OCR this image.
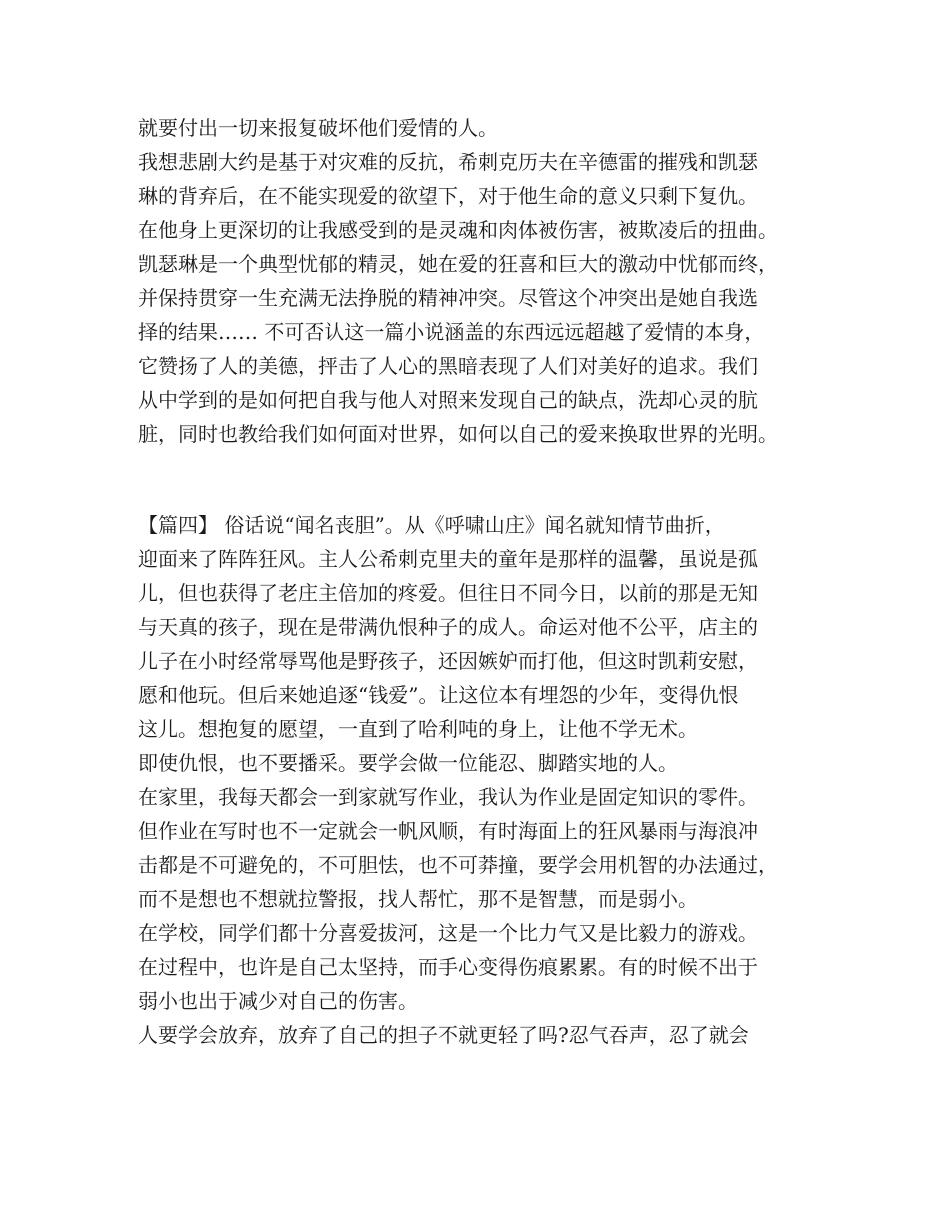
就要付出一切来报复破坏他们爱情的人。
我想悲剧大约是基于对灾难的反抗，希刺克历夫在辛德雷的摧残和凯瑟
琳的背弃后，在不能实现爱的欲望下，对于他生命的意义只剩下复仇。
在他身上更深切的让我感受到的是灵魂和肉体被伤害，被欺凌后的扭曲。
凯瑟琳是一个典型忧郁的精灵，她在爱的狂喜和巨大的激动中忧郁而终，
并保持贯穿一生充满无法挣脱的精神冲突。尽管这个冲突出是她自我选
择的结果…… 不可否认这一篇小说涵盖的东西远远超越了爱情的本身，
它赞扬了人的美德，抨击了人心的黑暗表现了人们对美好的追求。我们
从中学到的是如何把自我与他人对照来发现自己的缺点，洗却心灵的肮
脏，同时也教给我们如何面对世界，如何以自己的爱来换取世界的光明。
【篇四】 俗话说“闻名丧胆”。从《呼啸山庄》闻名就知情节曲折，
迎面来了阵阵狂风。主人公希刺克里夫的童年是那样的温馨，虽说是孤
儿，但也获得了老庄主倍加的疼爱。但往日不同今日，以前的那是无知
与天真的孩子，现在是带满仇恨种子的成人。命运对他不公平，店主的
儿子在小时经常辱骂他是野孩子，还因嫉妒而打他，但这时凯莉安慰，
愿和他玩。但后来她追逐“钱爱”。让这位本有埋怨的少年，变得仇恨
这儿。想抱复的愿望，一直到了哈利吨的身上，让他不学无术。
即使仇恨，也不要播采。要学会做一位能忍、脚踏实地的人。
在家里，我每天都会一到家就写作业，我认为作业是固定知识的零件。
但作业在写时也不一定就会一帆风顺，有时海面上的狂风暴雨与海浪冲
击都是不可避免的，不可胆怯，也不可莽撞，要学会用机智的办法通过，
而不是想也不想就拉警报，找人帮忙，那不是智慧，而是弱小。
在学校，同学们都十分喜爱拔河，这是一个比力气又是比毅力的游戏。
在过程中，也许是自己太坚持，而手心变得伤痕累累。有的时候不出于
弱小也出于减少对自己的伤害。
人要学会放弃，放弃了自己的担子不就更轻了吗?忍气吞声，忍了就会
